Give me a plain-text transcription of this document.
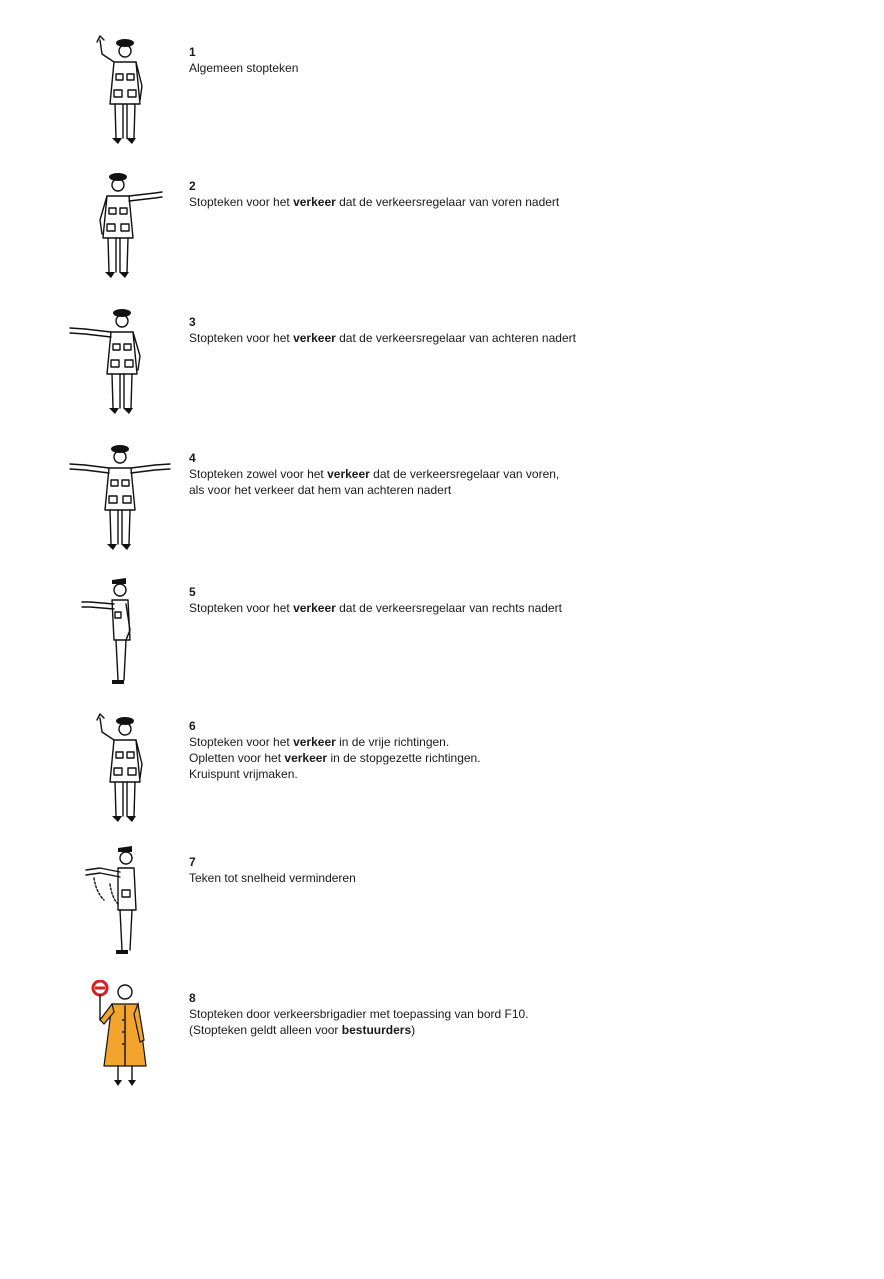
1
Algemeen stopteken
2
Stopteken voor het verkeer dat de verkeersregelaar van voren nadert
3
Stopteken voor het verkeer dat de verkeersregelaar van achteren nadert
4
Stopteken zowel voor het verkeer dat de verkeersregelaar van voren,
als voor het verkeer dat hem van achteren nadert
5
Stopteken voor het verkeer dat de verkeersregelaar van rechts nadert
6
Stopteken voor het verkeer in de vrije richtingen.
Opletten voor het verkeer in de stopgezette richtingen.
Kruispunt vrijmaken.
7
Teken tot snelheid verminderen
8
Stopteken door verkeersbrigadier met toepassing van bord F10.
(Stopteken geldt alleen voor bestuurders)
